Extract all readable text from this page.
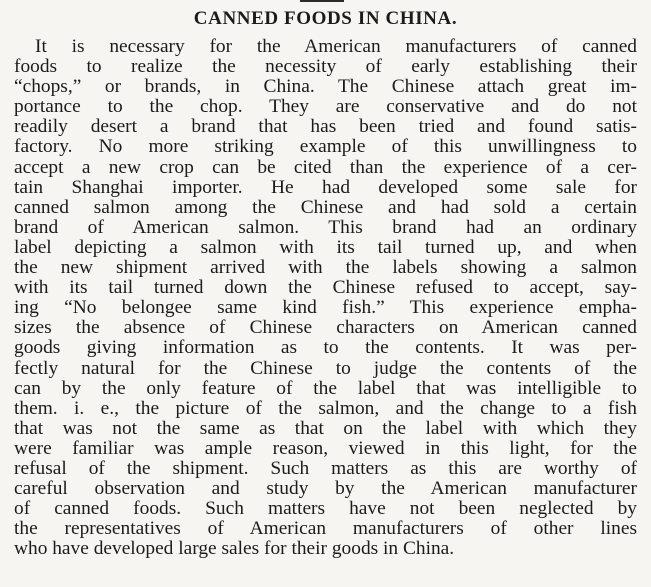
CANNED FOODS IN CHINA.
It is necessary for the American manufacturers of canned
foods to realize the necessity of early establishing their
“chops,” or brands, in China. The Chinese attach great im-
portance to the chop. They are conservative and do not
readily desert a brand that has been tried and found satis-
factory. No more striking example of this unwillingness to
accept a new crop can be cited than the experience of a cer-
tain Shanghai importer. He had developed some sale for
canned salmon among the Chinese and had sold a certain
brand of American salmon. This brand had an ordinary
label depicting a salmon with its tail turned up, and when
the new shipment arrived with the labels showing a salmon
with its tail turned down the Chinese refused to accept, say-
ing “No belongee same kind fish.” This experience empha-
sizes the absence of Chinese characters on American canned
goods giving information as to the contents. It was per-
fectly natural for the Chinese to judge the contents of the
can by the only feature of the label that was intelligible to
them. i. e., the picture of the salmon, and the change to a fish
that was not the same as that on the label with which they
were familiar was ample reason, viewed in this light, for the
refusal of the shipment. Such matters as this are worthy of
careful observation and study by the American manufacturer
of canned foods. Such matters have not been neglected by
the representatives of American manufacturers of other lines
who have developed large sales for their goods in China.
